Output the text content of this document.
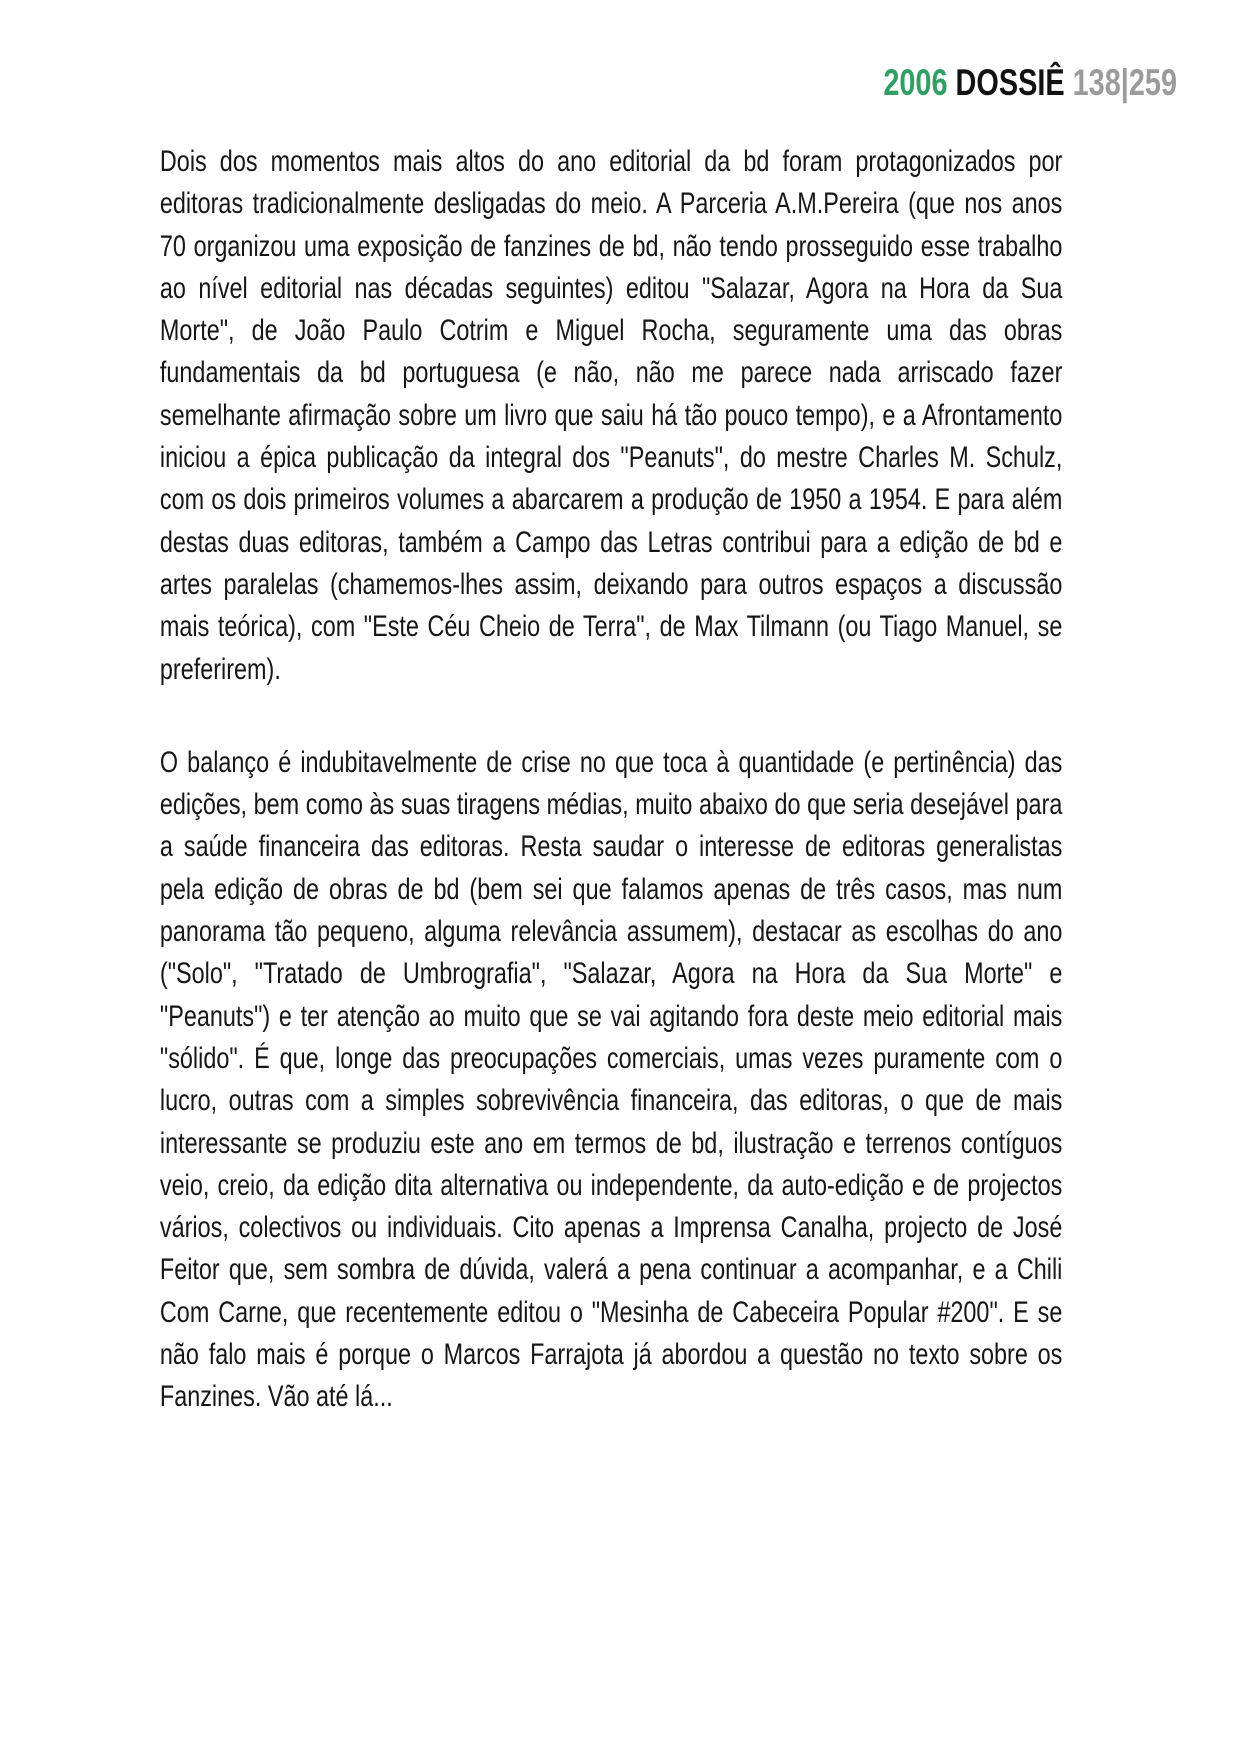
2006 DOSSIÊ 138|259

Dois dos momentos mais altos do ano editorial da bd foram protagonizados por editoras tradicionalmente desligadas do meio. A Parceria A.M.Pereira (que nos anos 70 organizou uma exposição de fanzines de bd, não tendo prosseguido esse trabalho ao nível editorial nas décadas seguintes) editou "Salazar, Agora na Hora da Sua Morte", de João Paulo Cotrim e Miguel Rocha, seguramente uma das obras fundamentais da bd portuguesa (e não, não me parece nada arriscado fazer semelhante afirmação sobre um livro que saiu há tão pouco tempo), e a Afrontamento iniciou a épica publicação da integral dos "Peanuts", do mestre Charles M. Schulz, com os dois primeiros volumes a abarcarem a produção de 1950 a 1954. E para além destas duas editoras, também a Campo das Letras contribui para a edição de bd e artes paralelas (chamemos-lhes assim, deixando para outros espaços a discussão mais teórica), com "Este Céu Cheio de Terra", de Max Tilmann (ou Tiago Manuel, se preferirem).

O balanço é indubitavelmente de crise no que toca à quantidade (e pertinência) das edições, bem como às suas tiragens médias, muito abaixo do que seria desejável para a saúde financeira das editoras. Resta saudar o interesse de editoras generalistas pela edição de obras de bd (bem sei que falamos apenas de três casos, mas num panorama tão pequeno, alguma relevância assumem), destacar as escolhas do ano ("Solo", "Tratado de Umbrografia", "Salazar, Agora na Hora da Sua Morte" e "Peanuts") e ter atenção ao muito que se vai agitando fora deste meio editorial mais "sólido". É que, longe das preocupações comerciais, umas vezes puramente com o lucro, outras com a simples sobrevivência financeira, das editoras, o que de mais interessante se produziu este ano em termos de bd, ilustração e terrenos contíguos veio, creio, da edição dita alternativa ou independente, da auto-edição e de projectos vários, colectivos ou individuais. Cito apenas a Imprensa Canalha, projecto de José Feitor que, sem sombra de dúvida, valerá a pena continuar a acompanhar, e a Chili Com Carne, que recentemente editou o "Mesinha de Cabeceira Popular #200". E se não falo mais é porque o Marcos Farrajota já abordou a questão no texto sobre os Fanzines. Vão até lá...
